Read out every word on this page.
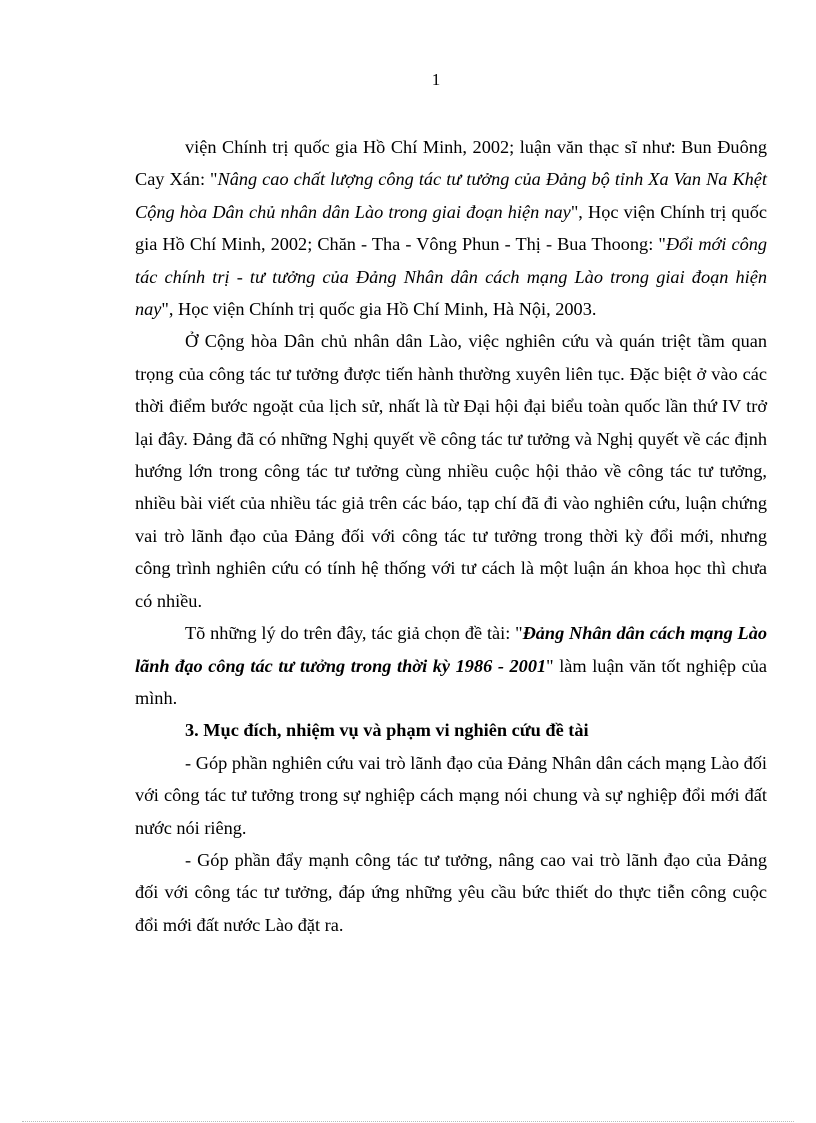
1

viện Chính trị quốc gia Hồ Chí Minh, 2002; luận văn thạc sĩ như: Bun Đuông Cay Xán: "Nâng cao chất lượng công tác tư tưởng của Đảng bộ tỉnh Xa Van Na Khệt Cộng hòa Dân chủ nhân dân Lào trong giai đoạn hiện nay", Học viện Chính trị quốc gia Hồ Chí Minh, 2002; Chăn - Tha - Vông Phun - Thị - Bua Thoong: "Đổi mới công tác chính trị - tư tưởng của Đảng Nhân dân cách mạng Lào trong giai đoạn hiện nay", Học viện Chính trị quốc gia Hồ Chí Minh, Hà Nội, 2003.

Ở Cộng hòa Dân chủ nhân dân Lào, việc nghiên cứu và quán triệt tầm quan trọng của công tác tư tưởng được tiến hành thường xuyên liên tục. Đặc biệt ở vào các thời điểm bước ngoặt của lịch sử, nhất là từ Đại hội đại biểu toàn quốc lần thứ IV trở lại đây. Đảng đã có những Nghị quyết về công tác tư tưởng và Nghị quyết về các định hướng lớn trong công tác tư tưởng cùng nhiều cuộc hội thảo về công tác tư tưởng, nhiều bài viết của nhiều tác giả trên các báo, tạp chí đã đi vào nghiên cứu, luận chứng vai trò lãnh đạo của Đảng đối với công tác tư tưởng trong thời kỳ đổi mới, nhưng công trình nghiên cứu có tính hệ thống với tư cách là một luận án khoa học thì chưa có nhiều.

Tõ những lý do trên đây, tác giả chọn đề tài: "Đảng Nhân dân cách mạng Lào lãnh đạo công tác tư tưởng trong thời kỳ 1986 - 2001" làm luận văn tốt nghiệp của mình.

3. Mục đích, nhiệm vụ và phạm vi nghiên cứu đề tài

- Góp phần nghiên cứu vai trò lãnh đạo của Đảng Nhân dân cách mạng Lào đối với công tác tư tưởng trong sự nghiệp cách mạng nói chung và sự nghiệp đổi mới đất nước nói riêng.

- Góp phần đẩy mạnh công tác tư tưởng, nâng cao vai trò lãnh đạo của Đảng đối với công tác tư tưởng, đáp ứng những yêu cầu bức thiết do thực tiễn công cuộc đổi mới đất nước Lào đặt ra.
